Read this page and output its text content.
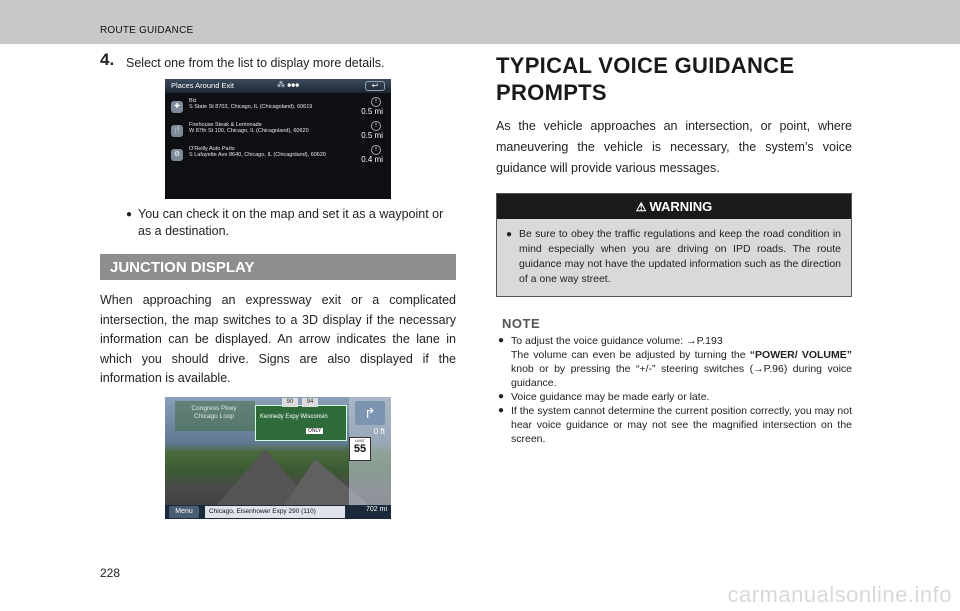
ROUTE GUIDANCE
4. Select one from the list to display more details.
Places Around Exit	⁂ ⦁⦁⦁	↩
✚
Biz
S State St 8703, Chicago, IL (Chicagoland), 60619
↑
0.5 mi
🍴
Firehouse Steak & Lemonade
W 87th St 100, Chicago, IL (Chicagoland), 60620
↑
0.5 mi
⚙
O'Reilly Auto Parts
S Lafayette Ave 8640, Chicago, IL (Chicagoland), 60620
↑
0.4 mi
● You can check it on the map and set it as a waypoint or as a destination.
JUNCTION DISPLAY

When approaching an expressway exit or a complicated intersection, the map switches to a 3D display if the necessary information can be displayed. An arrow indicates the lane in which you should drive. Signs are also displayed if the information is available.

Congress Pkwy
Chicago Loop
90	94
Kennedy Expy Wisconsin
ONLY
↱
0 ft
LIMIT
55
Menu	Chicago, Eisenhower Expy 290 (110)	702 mi
228
TYPICAL VOICE GUIDANCE PROMPTS

As the vehicle approaches an intersection, or point, where maneuvering the vehicle is necessary, the system’s voice guidance will provide various messages.

⚠ WARNING
● Be sure to obey the traffic regulations and keep the road condition in mind especially when you are driving on IPD roads. The route guidance may not have the updated information such as the direction of a one way street.
NOTE
● To adjust the voice guidance volume: →P.193
The volume can even be adjusted by turning the “POWER/ VOLUME” knob or by pressing the “+/-” steering switches (→P.96) during voice guidance.
● Voice guidance may be made early or late.
● If the system cannot determine the current position correctly, you may not hear voice guidance or may not see the magnified intersection on the screen.
carmanualsonline.info
